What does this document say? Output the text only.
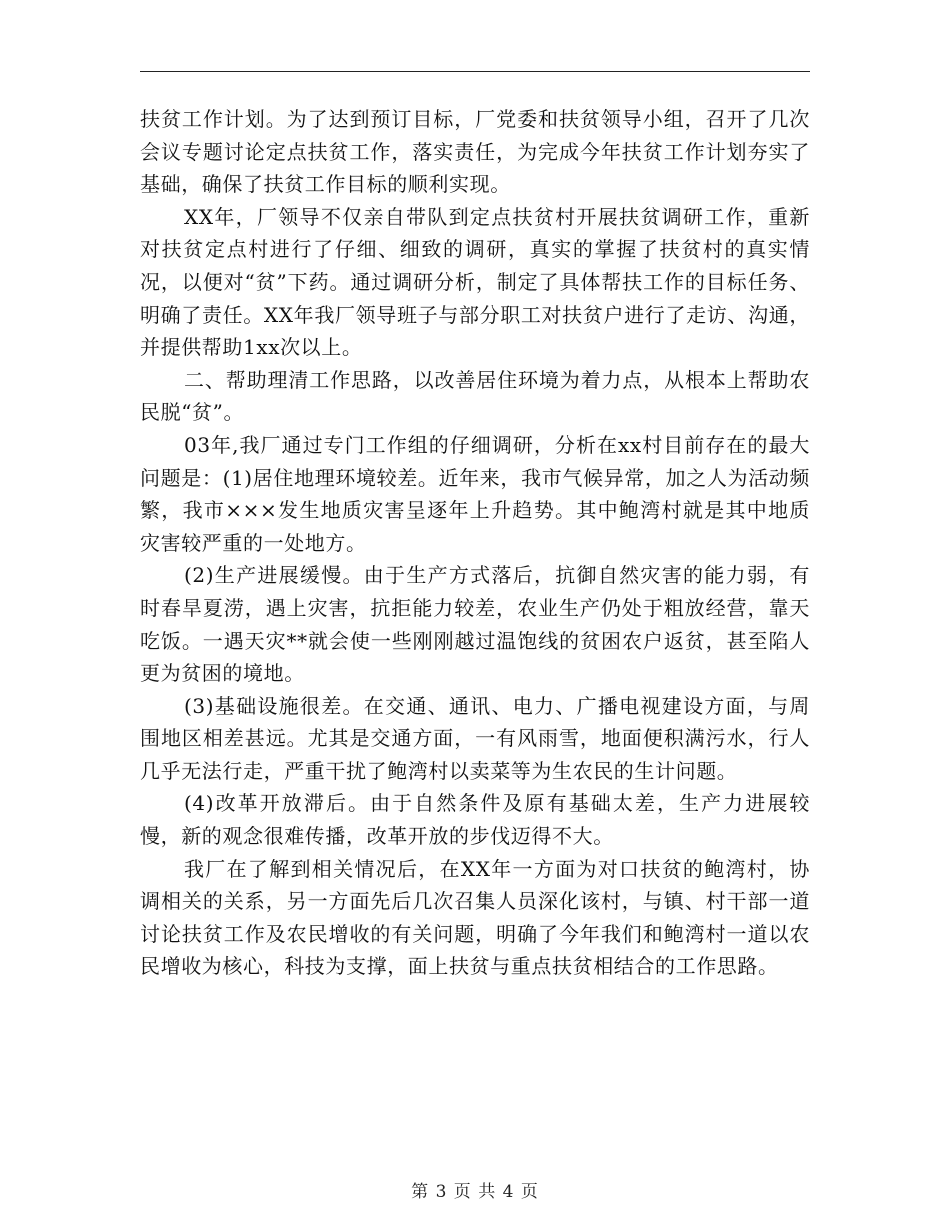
扶贫工作计划。为了达到预订目标，厂党委和扶贫领导小组，召开了几次会议专题讨论定点扶贫工作，落实责任，为完成今年扶贫工作计划夯实了基础，确保了扶贫工作目标的顺利实现。

XX年，厂领导不仅亲自带队到定点扶贫村开展扶贫调研工作，重新对扶贫定点村进行了仔细、细致的调研，真实的掌握了扶贫村的真实情况，以便对“贫”下药。通过调研分析，制定了具体帮扶工作的目标任务、明确了责任。XX年我厂领导班子与部分职工对扶贫户进行了走访、沟通，并提供帮助1xx次以上。

二、帮助理清工作思路，以改善居住环境为着力点，从根本上帮助农民脱“贫”。

03年,我厂通过专门工作组的仔细调研，分析在xx村目前存在的最大问题是：(1)居住地理环境较差。近年来，我市气候异常，加之人为活动频繁，我市×××发生地质灾害呈逐年上升趋势。其中鲍湾村就是其中地质灾害较严重的一处地方。

(2)生产进展缓慢。由于生产方式落后，抗御自然灾害的能力弱，有时春旱夏涝，遇上灾害，抗拒能力较差，农业生产仍处于粗放经营，靠天吃饭。一遇天灾**就会使一些刚刚越过温饱线的贫困农户返贫，甚至陷人更为贫困的境地。

(3)基础设施很差。在交通、通讯、电力、广播电视建设方面，与周围地区相差甚远。尤其是交通方面，一有风雨雪，地面便积满污水，行人几乎无法行走，严重干扰了鲍湾村以卖菜等为生农民的生计问题。

(4)改革开放滞后。由于自然条件及原有基础太差，生产力进展较慢，新的观念很难传播，改革开放的步伐迈得不大。

我厂在了解到相关情况后，在XX年一方面为对口扶贫的鲍湾村，协调相关的关系，另一方面先后几次召集人员深化该村，与镇、村干部一道讨论扶贫工作及农民增收的有关问题，明确了今年我们和鲍湾村一道以农民增收为核心，科技为支撑，面上扶贫与重点扶贫相结合的工作思路。

第 3 页 共 4 页
